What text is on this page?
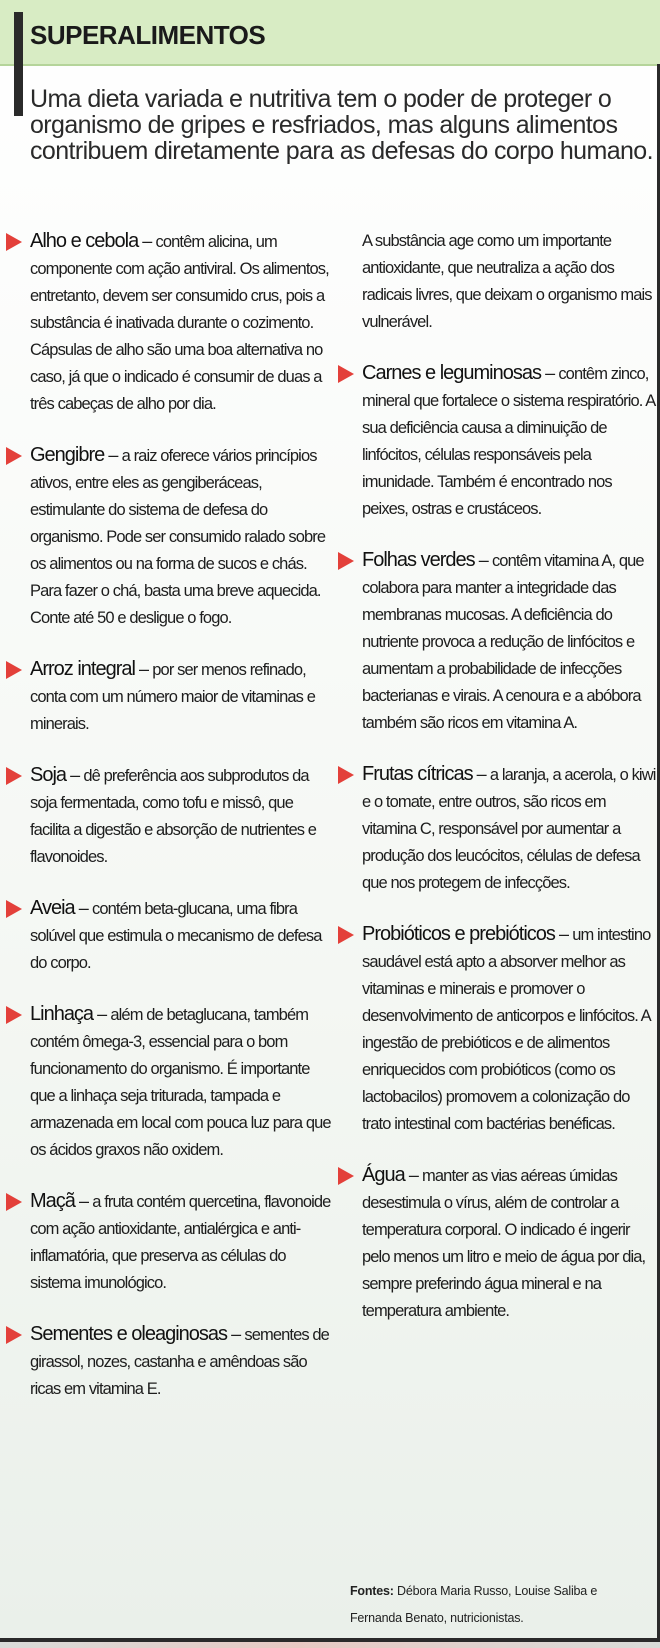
SUPERALIMENTOS
Uma dieta variada e nutritiva tem o poder de proteger o organismo de gripes e resfriados, mas alguns alimentos contribuem diretamente para as defesas do corpo humano.
Alho e cebola – contêm alicina, um componente com ação antiviral. Os alimentos, entretanto, devem ser consumido crus, pois a substância é inativada durante o cozimento. Cápsulas de alho são uma boa alternativa no caso, já que o indicado é consumir de duas a três cabeças de alho por dia.
Gengibre – a raiz oferece vários princípios ativos, entre eles as gengiberáceas, estimulante do sistema de defesa do organismo. Pode ser consumido ralado sobre os alimentos ou na forma de sucos e chás. Para fazer o chá, basta uma breve aquecida. Conte até 50 e desligue o fogo.
Arroz integral – por ser menos refinado, conta com um número maior de vitaminas e minerais.
Soja – dê preferência aos subprodutos da soja fermentada, como tofu e missô, que facilita a digestão e absorção de nutrientes e flavonoides.
Aveia – contém beta-glucana, uma fibra solúvel que estimula o mecanismo de defesa do corpo.
Linhaça – além de betaglucana, também contém ômega-3, essencial para o bom funcionamento do organismo. É importante que a linhaça seja triturada, tampada e armazenada em local com pouca luz para que os ácidos graxos não oxidem.
Maçã – a fruta contém quercetina, flavonoide com ação antioxidante, antialérgica e anti-inflamatória, que preserva as células do sistema imunológico.
Sementes e oleaginosas – sementes de girassol, nozes, castanha e amêndoas são ricas em vitamina E.
A substância age como um importante antioxidante, que neutraliza a ação dos radicais livres, que deixam o organismo mais vulnerável.
Carnes e leguminosas – contêm zinco, mineral que fortalece o sistema respiratório. A sua deficiência causa a diminuição de linfócitos, células responsáveis pela imunidade. Também é encontrado nos peixes, ostras e crustáceos.
Folhas verdes – contêm vitamina A, que colabora para manter a integridade das membranas mucosas. A deficiência do nutriente provoca a redução de linfócitos e aumentam a probabilidade de infecções bacterianas e virais. A cenoura e a abóbora também são ricos em vitamina A.
Frutas cítricas – a laranja, a acerola, o kiwi e o tomate, entre outros, são ricos em vitamina C, responsável por aumentar a produção dos leucócitos, células de defesa que nos protegem de infecções.
Probióticos e prebióticos – um intestino saudável está apto a absorver melhor as vitaminas e minerais e promover o desenvolvimento de anticorpos e linfócitos. A ingestão de prebióticos e de alimentos enriquecidos com probióticos (como os lactobacilos) promovem a colonização do trato intestinal com bactérias benéficas.
Água – manter as vias aéreas úmidas desestimula o vírus, além de controlar a temperatura corporal. O indicado é ingerir pelo menos um litro e meio de água por dia, sempre preferindo água mineral e na temperatura ambiente.
Fontes: Débora Maria Russo, Louise Saliba e Fernanda Benato, nutricionistas.
